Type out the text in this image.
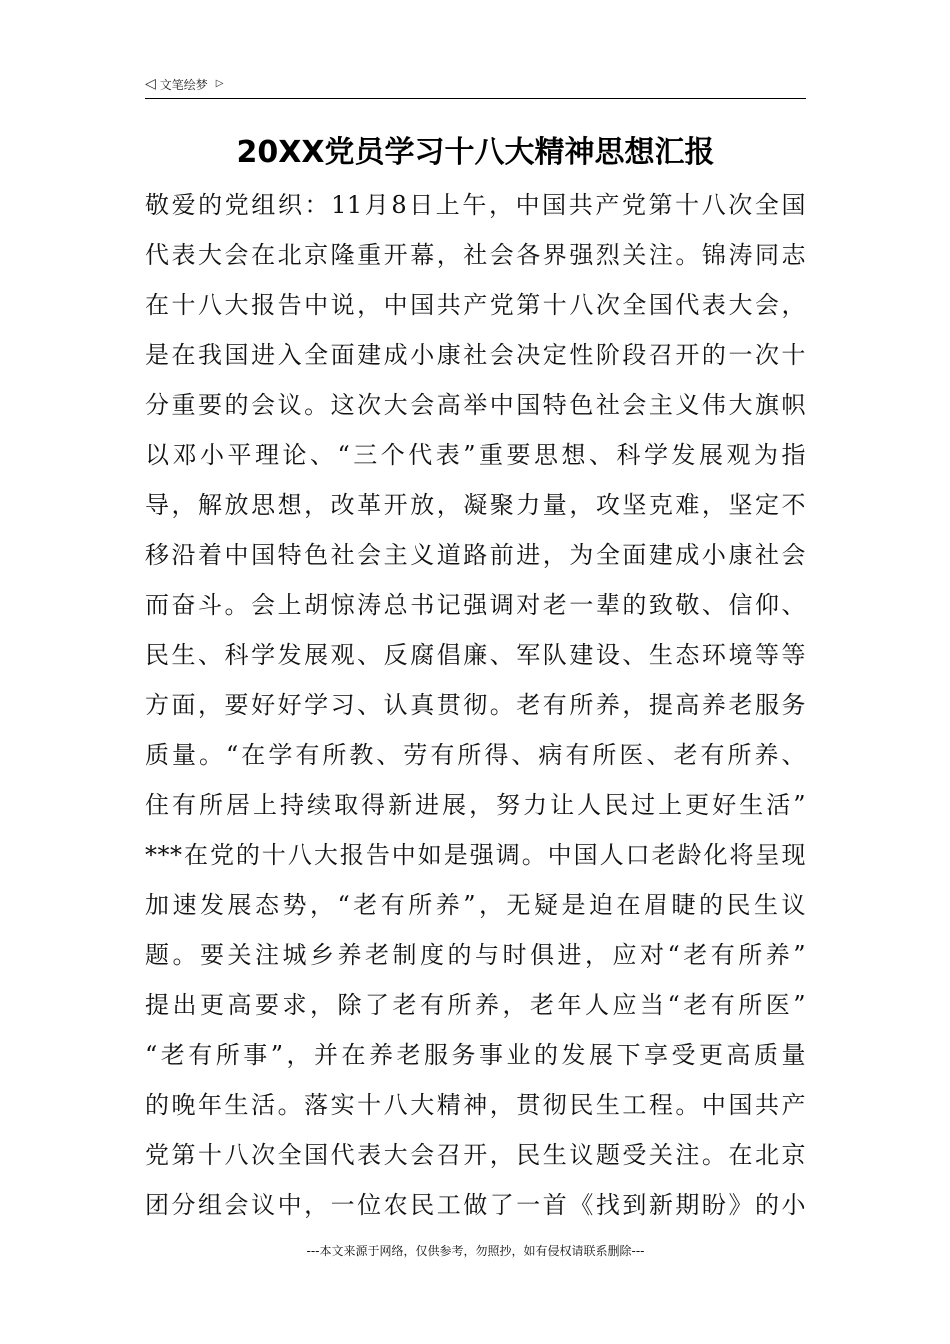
◁ 文笔绘梦 ▷
20XX党员学习十八大精神思想汇报
敬爱的党组织：11月8日上午，中国共产党第十八次全国
代表大会在北京隆重开幕，社会各界强烈关注。锦涛同志
在十八大报告中说，中国共产党第十八次全国代表大会，
是在我国进入全面建成小康社会决定性阶段召开的一次十
分重要的会议。这次大会高举中国特色社会主义伟大旗帜
以邓小平理论、“三个代表”重要思想、科学发展观为指
导，解放思想，改革开放，凝聚力量，攻坚克难，坚定不
移沿着中国特色社会主义道路前进，为全面建成小康社会
而奋斗。会上胡惊涛总书记强调对老一辈的致敬、信仰、
民生、科学发展观、反腐倡廉、军队建设、生态环境等等
方面，要好好学习、认真贯彻。老有所养，提高养老服务
质量。“在学有所教、劳有所得、病有所医、老有所养、
住有所居上持续取得新进展，努力让人民过上更好生活”
***在党的十八大报告中如是强调。中国人口老龄化将呈现
加速发展态势，“老有所养”，无疑是迫在眉睫的民生议
题。要关注城乡养老制度的与时俱进，应对“老有所养”
提出更高要求，除了老有所养，老年人应当“老有所医”
“老有所事”，并在养老服务事业的发展下享受更高质量
的晚年生活。落实十八大精神，贯彻民生工程。中国共产
党第十八次全国代表大会召开，民生议题受关注。在北京
团分组会议中，一位农民工做了一首《找到新期盼》的小
---本文来源于网络，仅供参考，勿照抄，如有侵权请联系删除---
